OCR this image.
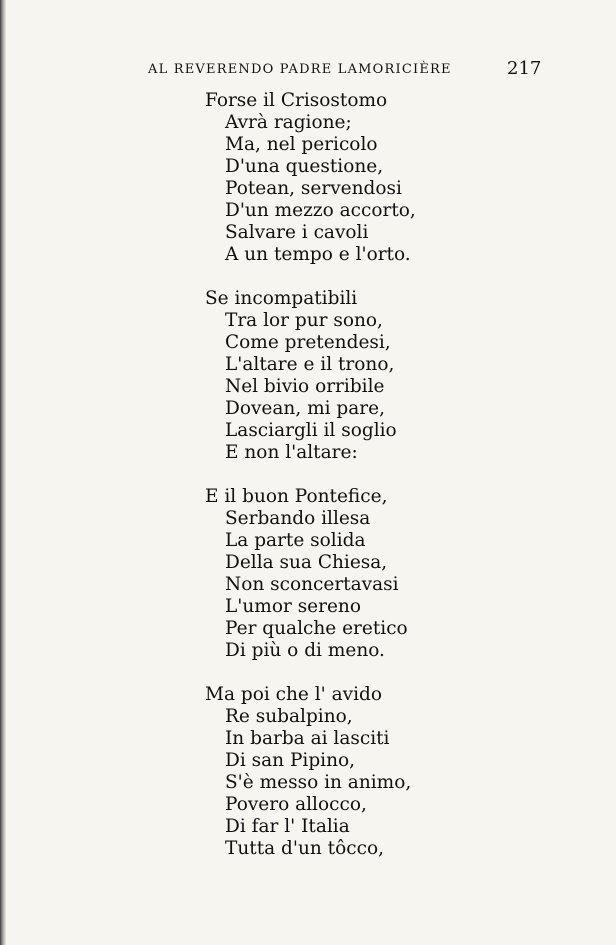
AL REVERENDO PADRE LAMORICIÈRE	217
Forse il Crisostomo
Avrà ragione;
Ma, nel pericolo
D'una questione,
Potean, servendosi
D'un mezzo accorto,
Salvare i cavoli
A un tempo e l'orto.
Se incompatibili
Tra lor pur sono,
Come pretendesi,
L'altare e il trono,
Nel bivio orribile
Dovean, mi pare,
Lasciargli il soglio
E non l'altare:
E il buon Pontefice,
Serbando illesa
La parte solida
Della sua Chiesa,
Non sconcertavasi
L'umor sereno
Per qualche eretico
Di più o di meno.
Ma poi che l' avido
Re subalpino,
In barba ai lasciti
Di san Pipino,
S'è messo in animo,
Povero allocco,
Di far l' Italia
Tutta d'un tôcco,
